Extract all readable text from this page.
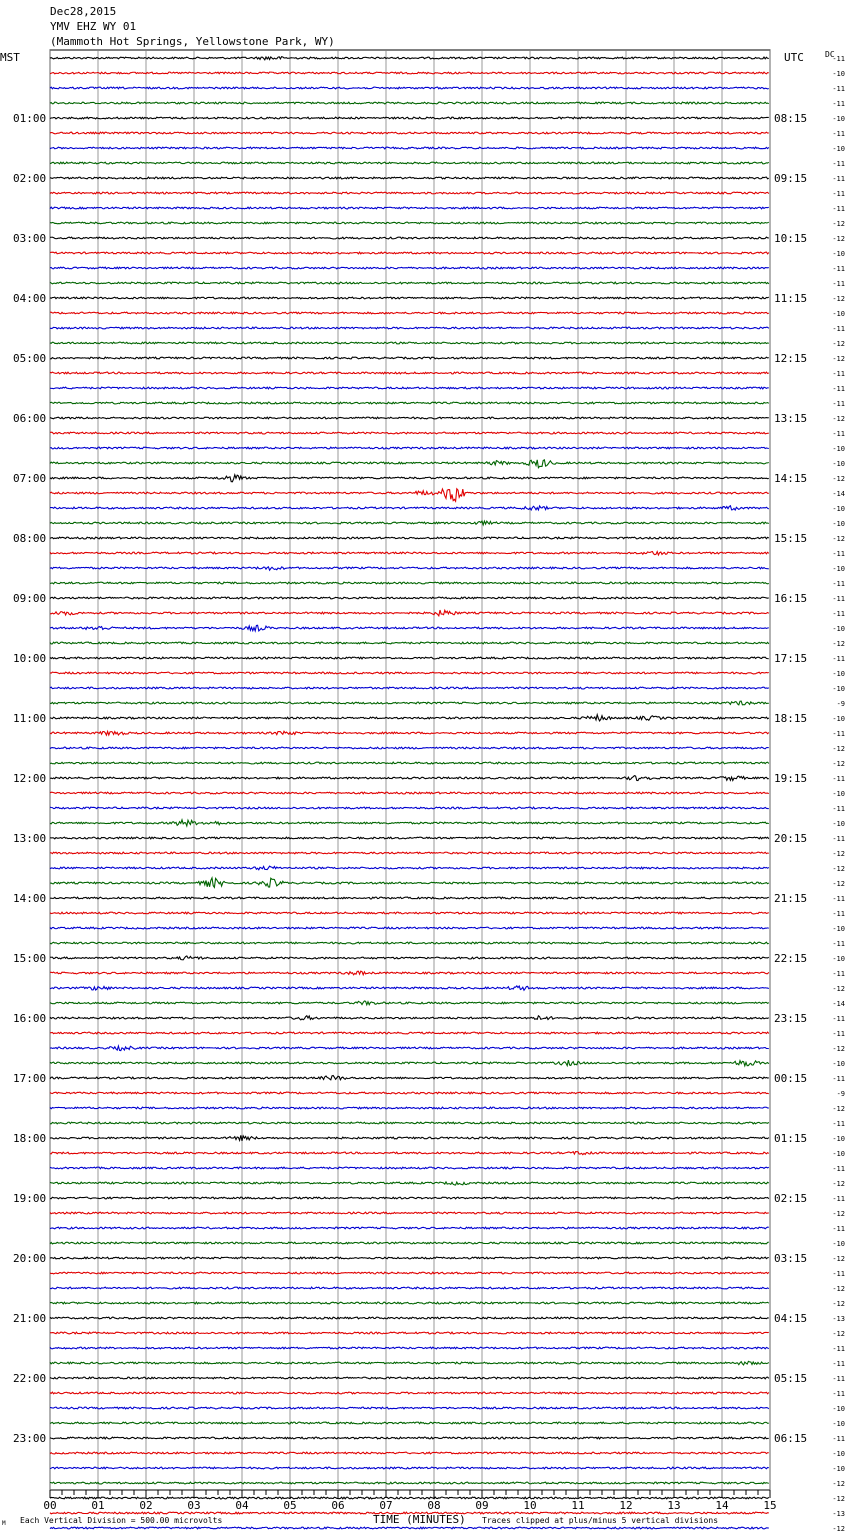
Dec28,2015
YMV EHZ WY 01
(Mammoth Hot Springs, Yellowstone Park, WY)
MST	UTC	DC
01:00
02:00
03:00
04:00
05:00
06:00
07:00
08:00
09:00
10:00
11:00
12:00
13:00
14:00
15:00
16:00
17:00
18:00
19:00
20:00
21:00
22:00
23:00
08:15
09:15
10:15
11:15
12:15
13:15
14:15
15:15
16:15
17:15
18:15
19:15
20:15
21:15
22:15
23:15
00:15
01:15
02:15
03:15
04:15
05:15
06:15
-11
-10
-11
-11
-10
-11
-10
-11
-11
-11
-11
-12
-12
-10
-11
-11
-12
-10
-11
-12
-12
-11
-11
-11
-12
-11
-10
-10
-12
-14
-10
-10
-12
-11
-10
-11
-11
-11
-10
-12
-11
-10
-10
-9
-10
-11
-12
-12
-11
-10
-11
-10
-11
-12
-12
-12
-11
-11
-10
-11
-10
-11
-12
-14
-11
-11
-12
-10
-11
-9
-12
-11
-10
-10
-11
-12
-11
-12
-11
-10
-12
-11
-12
-12
-13
-12
-11
-11
-11
-11
-10
-10
-11
-10
-10
-12
-12
-13
-12
00	01	02	03	04	05	06	07	08	09	10	11	12	13	14	15
M Each Vertical Division = 500.00 microvolts	TIME (MINUTES) Traces clipped at plus/minus 5 vertical divisions
